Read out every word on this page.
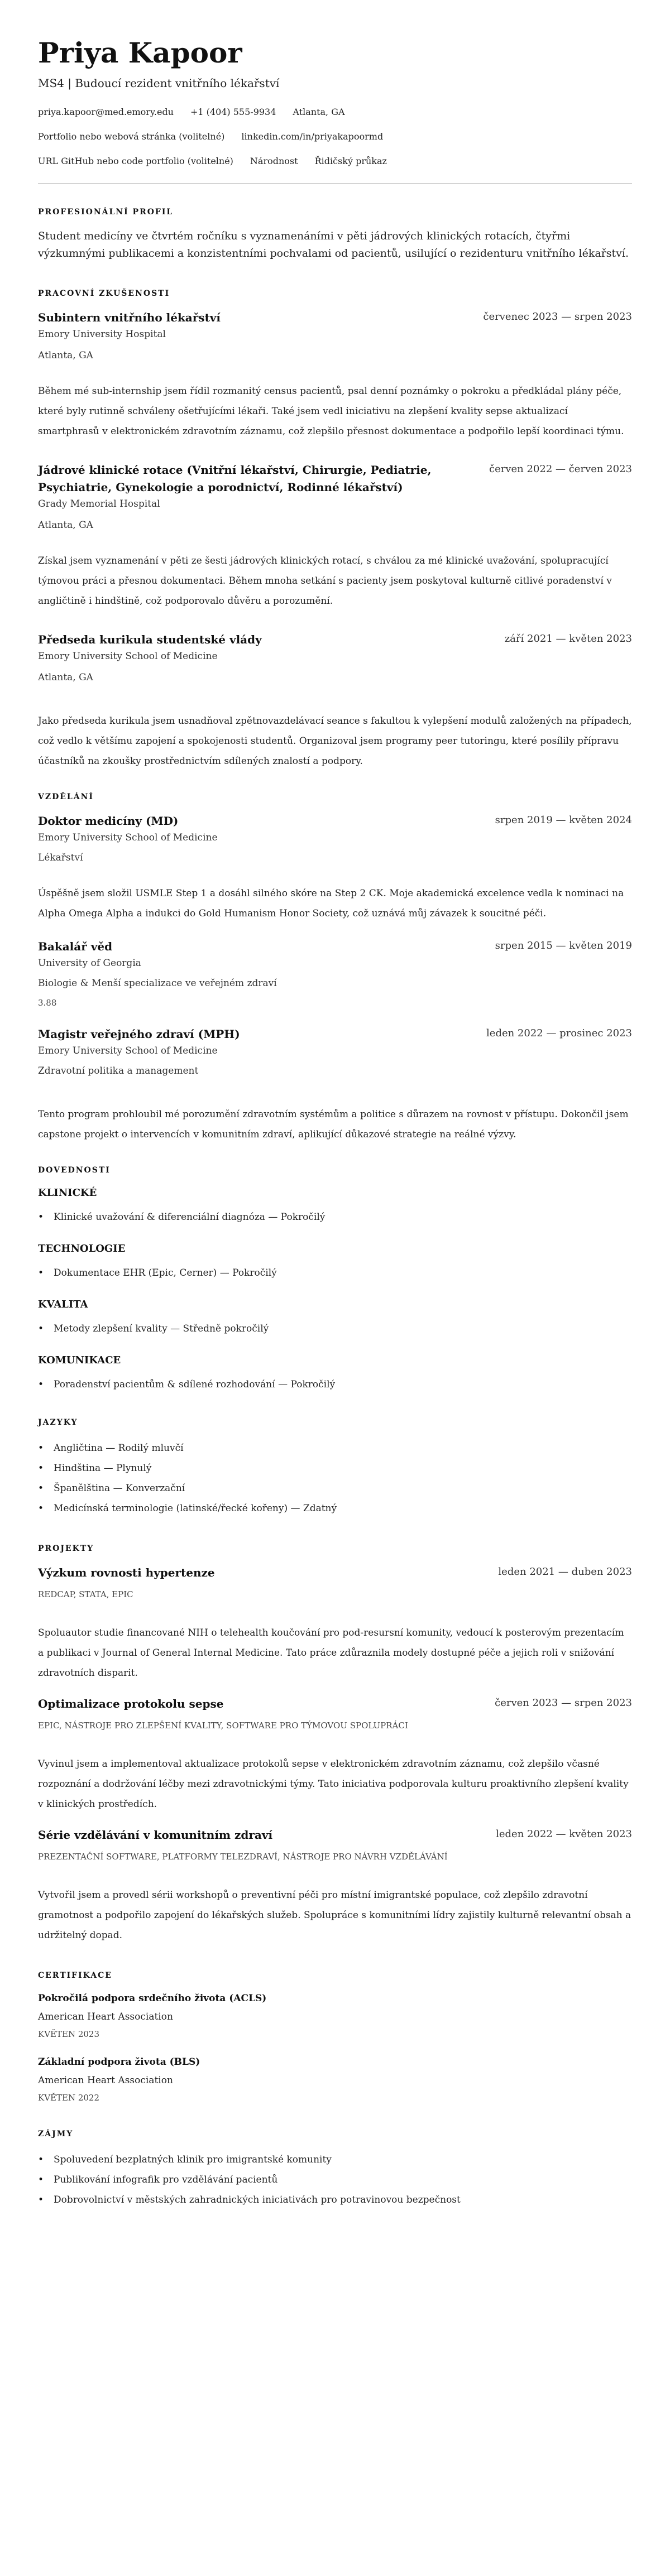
Priya Kapoor
MS4 | Budoucí rezident vnitřního lékařství
priya.kapoor@med.emory.edu +1 (404) 555-9934 Atlanta, GA
Portfolio nebo webová stránka (volitelné) linkedin.com/in/priyakapoormd
URL GitHub nebo code portfolio (volitelné) Národnost Řidičský průkaz
PROFESIONÁLNÍ PROFIL

Student medicíny ve čtvrtém ročníku s vyznamenáními v pěti jádrových klinických rotacích, čtyřmi výzkumnými publikacemi a konzistentními pochvalami od pacientů, usilující o rezidenturu vnitřního lékařství.

PRACOVNÍ ZKUŠENOSTI
Subintern vnitřního lékařství	červenec 2023 — srpen 2023
Emory University Hospital
Atlanta, GA

Během mé sub-internship jsem řídil rozmanitý census pacientů, psal denní poznámky o pokroku a předkládal plány péče, které byly rutinně schváleny ošetřujícími lékaři. Také jsem vedl iniciativu na zlepšení kvality sepse aktualizací smartphrasů v elektronickém zdravotním záznamu, což zlepšilo přesnost dokumentace a podpořilo lepší koordinaci týmu.

Jádrové klinické rotace (Vnitřní lékařství, Chirurgie, Pediatrie, Psychiatrie, Gynekologie a porodnictví, Rodinné lékařství)
červen 2022 — červen 2023
Grady Memorial Hospital
Atlanta, GA

Získal jsem vyznamenání v pěti ze šesti jádrových klinických rotací, s chválou za mé klinické uvažování, spolupracující týmovou práci a přesnou dokumentaci. Během mnoha setkání s pacienty jsem poskytoval kulturně citlivé poradenství v angličtině i hindštině, což podporovalo důvěru a porozumění.

Předseda kurikula studentské vlády	září 2021 — květen 2023
Emory University School of Medicine
Atlanta, GA

Jako předseda kurikula jsem usnadňoval zpětnovazdelávací seance s fakultou k vylepšení modulů založených na případech, což vedlo k většímu zapojení a spokojenosti studentů. Organizoval jsem programy peer tutoringu, které posílily přípravu účastníků na zkoušky prostřednictvím sdílených znalostí a podpory.

VZDĚLÁNÍ
Doktor medicíny (MD)	srpen 2019 — květen 2024
Emory University School of Medicine
Lékařství

Úspěšně jsem složil USMLE Step 1 a dosáhl silného skóre na Step 2 CK. Moje akademická excelence vedla k nominaci na Alpha Omega Alpha a indukci do Gold Humanism Honor Society, což uznává můj závazek k soucitné péči.

Bakalář věd	srpen 2015 — květen 2019
University of Georgia
Biologie & Menší specializace ve veřejném zdraví
3.88
Magistr veřejného zdraví (MPH)	leden 2022 — prosinec 2023
Emory University School of Medicine
Zdravotní politika a management

Tento program prohloubil mé porozumění zdravotním systémům a politice s důrazem na rovnost v přístupu. Dokončil jsem capstone projekt o intervencích v komunitním zdraví, aplikující důkazové strategie na reálné výzvy.

DOVEDNOSTI
KLINICKÉ
• Klinické uvažování & diferenciální diagnóza — Pokročilý
TECHNOLOGIE
• Dokumentace EHR (Epic, Cerner) — Pokročilý
KVALITA
• Metody zlepšení kvality — Středně pokročilý
KOMUNIKACE
• Poradenství pacientům & sdílené rozhodování — Pokročilý
JAZYKY
• Angličtina — Rodilý mluvčí
• Hindština — Plynulý
• Španělština — Konverzační
• Medicínská terminologie (latinské/řecké kořeny) — Zdatný
PROJEKTY
Výzkum rovnosti hypertenze	leden 2021 — duben 2023
REDCAP, STATA, EPIC

Spoluautor studie financované NIH o telehealth koučování pro pod-resursní komunity, vedoucí k posterovým prezentacím a publikaci v Journal of General Internal Medicine. Tato práce zdůraznila modely dostupné péče a jejich roli v snižování zdravotních disparit.

Optimalizace protokolu sepse	červen 2023 — srpen 2023
EPIC, NÁSTROJE PRO ZLEPŠENÍ KVALITY, SOFTWARE PRO TÝMOVOU SPOLUPRÁCI

Vyvinul jsem a implementoval aktualizace protokolů sepse v elektronickém zdravotním záznamu, což zlepšilo včasné rozpoznání a dodržování léčby mezi zdravotnickými týmy. Tato iniciativa podporovala kulturu proaktivního zlepšení kvality v klinických prostředích.

Série vzdělávání v komunitním zdraví	leden 2022 — květen 2023
PREZENTAČNÍ SOFTWARE, PLATFORMY TELEZDRAVÍ, NÁSTROJE PRO NÁVRH VZDĚLÁVÁNÍ

Vytvořil jsem a provedl sérii workshopů o preventivní péči pro místní imigrantské populace, což zlepšilo zdravotní gramotnost a podpořilo zapojení do lékařských služeb. Spolupráce s komunitními lídry zajistily kulturně relevantní obsah a udržitelný dopad.

CERTIFIKACE
Pokročilá podpora srdečního života (ACLS)
American Heart Association
KVĚTEN 2023
Základní podpora života (BLS)
American Heart Association
KVĚTEN 2022
ZÁJMY
• Spoluvedení bezplatných klinik pro imigrantské komunity
• Publikování infografik pro vzdělávání pacientů
• Dobrovolnictví v městských zahradnických iniciativách pro potravinovou bezpečnost
